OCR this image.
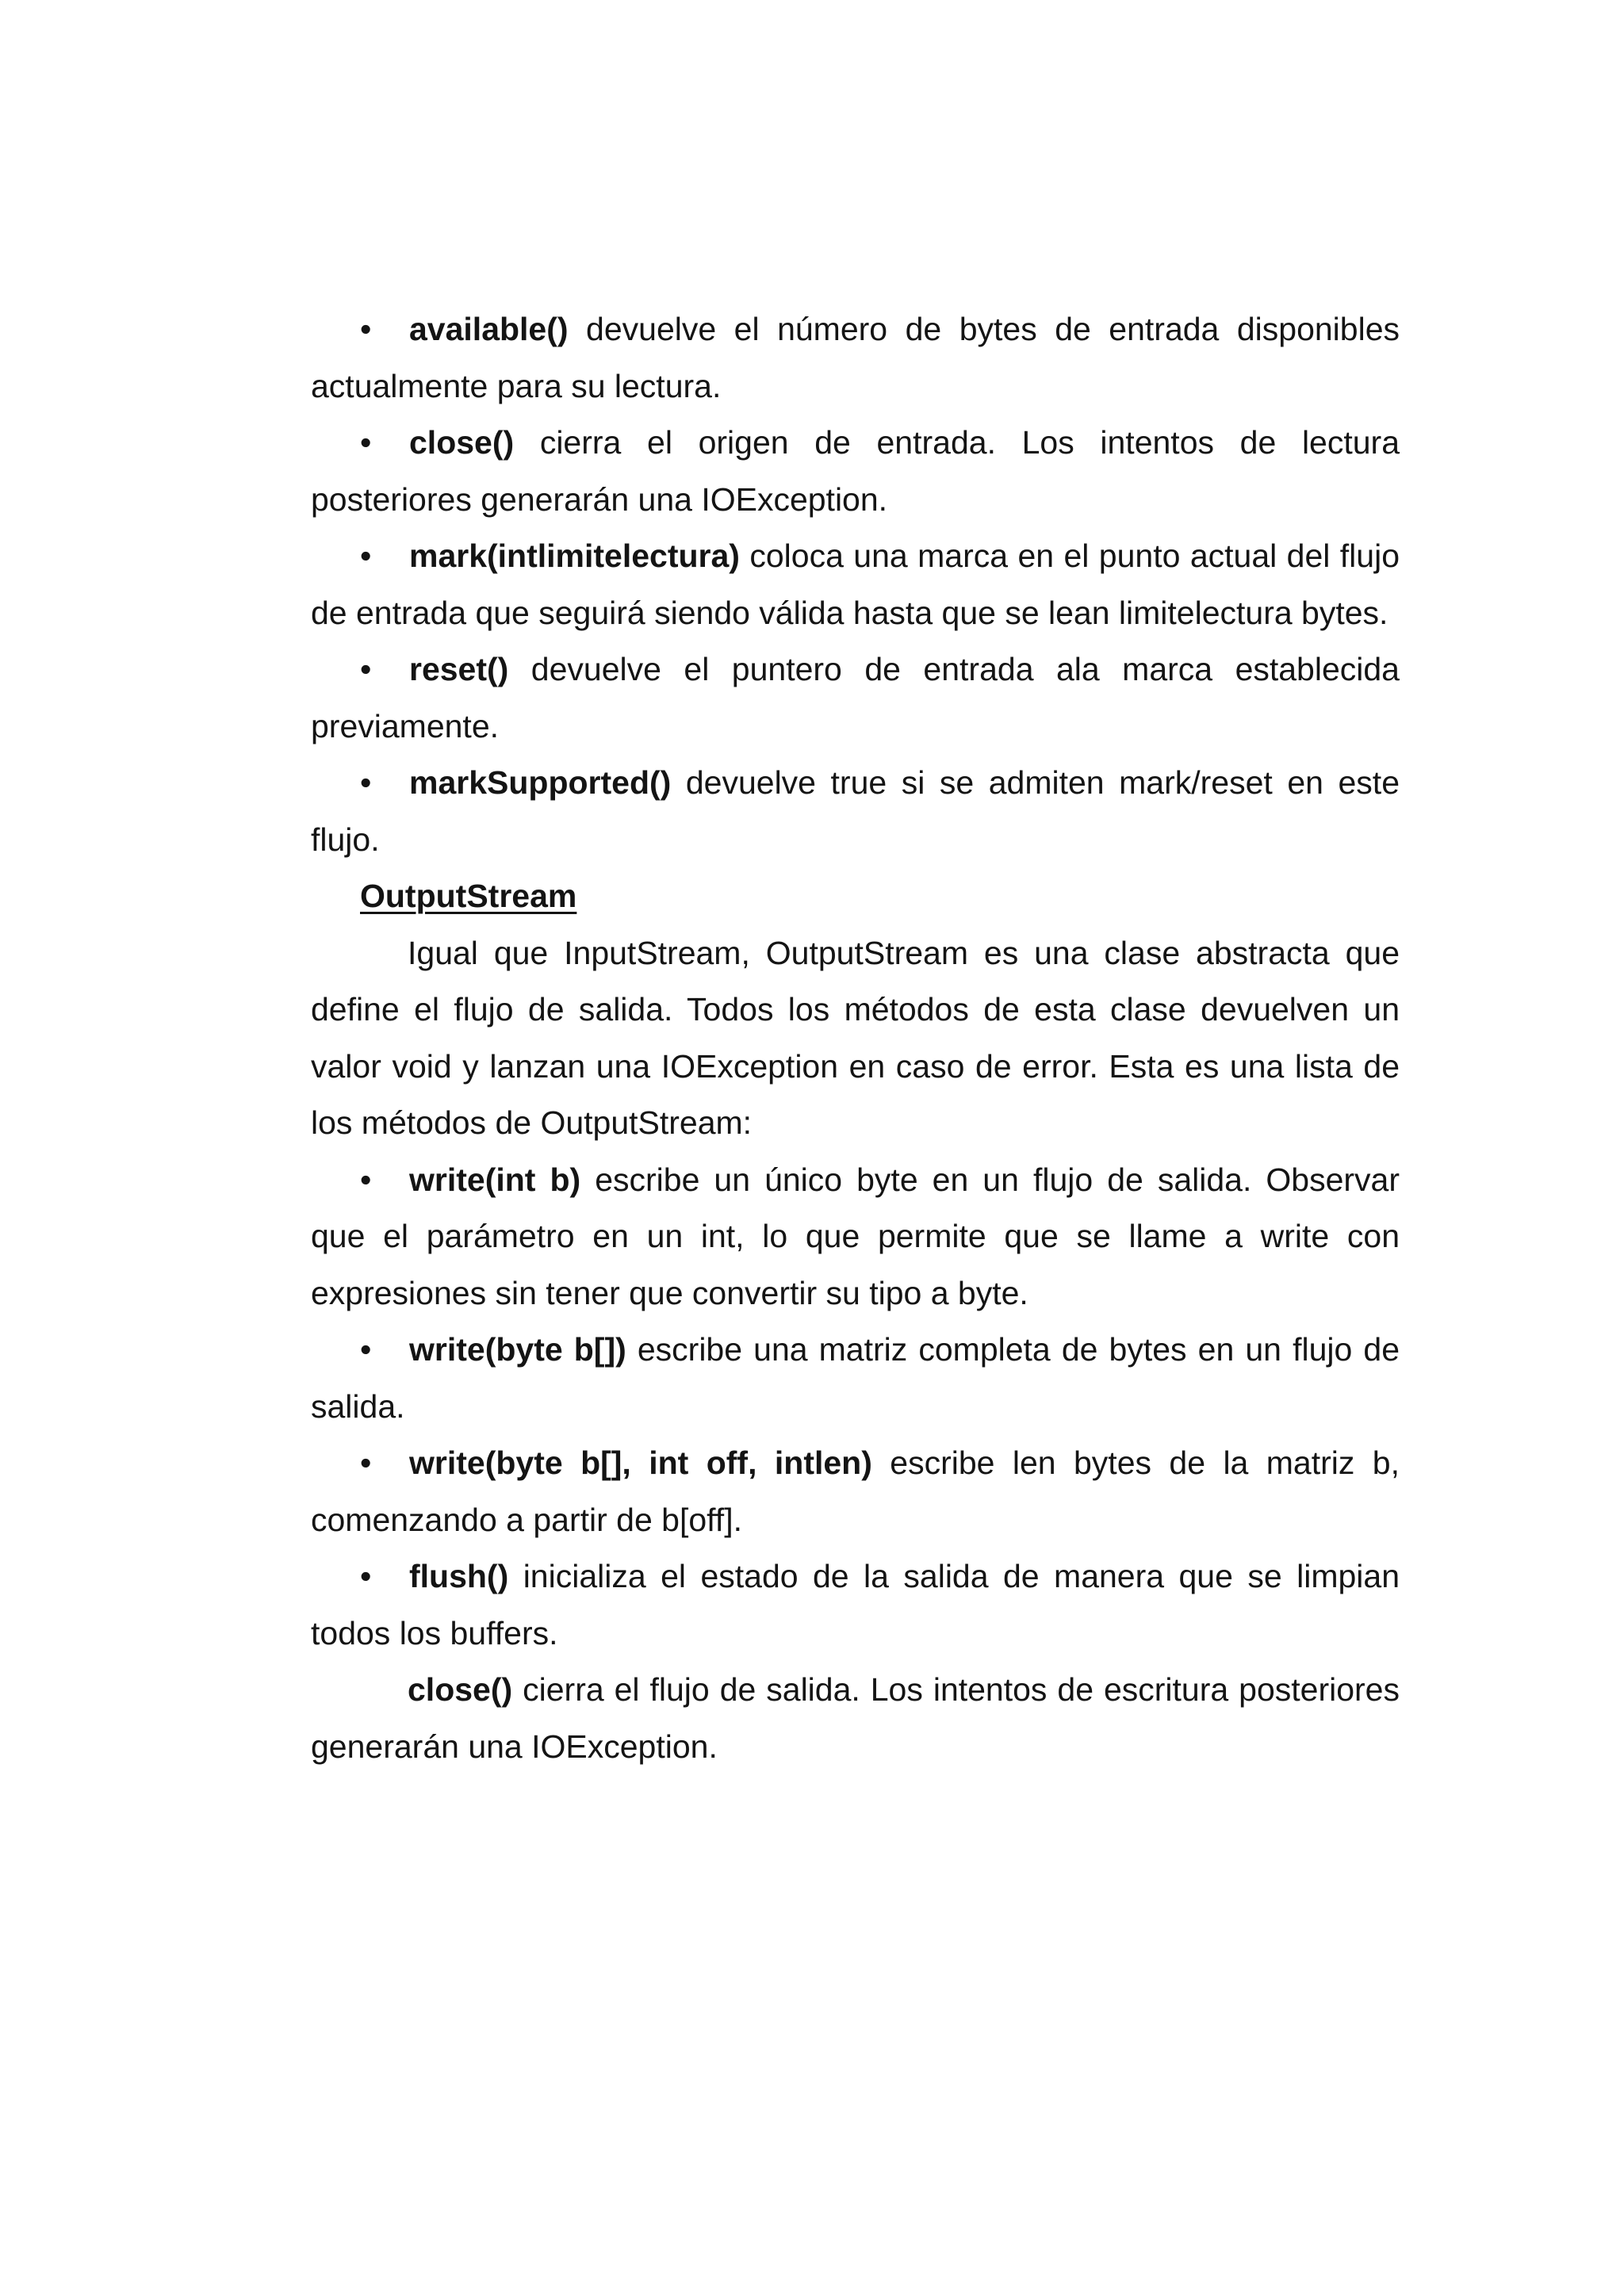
• available() devuelve el número de bytes de entrada disponibles actualmente para su lectura.

• close() cierra el origen de entrada. Los intentos de lectura posteriores generarán una IOException.

• mark(intlimitelectura) coloca una marca en el punto actual del flujo de entrada que seguirá siendo válida hasta que se lean limitelectura bytes.

• reset() devuelve el puntero de entrada ala marca establecida previamente.

• markSupported() devuelve true si se admiten mark/reset en este flujo.

OutputStream

Igual que InputStream, OutputStream es una clase abstracta que define el flujo de salida. Todos los métodos de esta clase devuelven un valor void y lanzan una IOException en caso de error. Esta es una lista de los métodos de OutputStream:

• write(int b) escribe un único byte en un flujo de salida. Observar que el parámetro en un int, lo que permite que se llame a write con expresiones sin tener que convertir su tipo a byte.

• write(byte b[]) escribe una matriz completa de bytes en un flujo de salida.

• write(byte b[], int off, intlen) escribe len bytes de la matriz b, comenzando a partir de b[off].

• flush() inicializa el estado de la salida de manera que se limpian todos los buffers.

close() cierra el flujo de salida. Los intentos de escritura posteriores generarán una IOException.
